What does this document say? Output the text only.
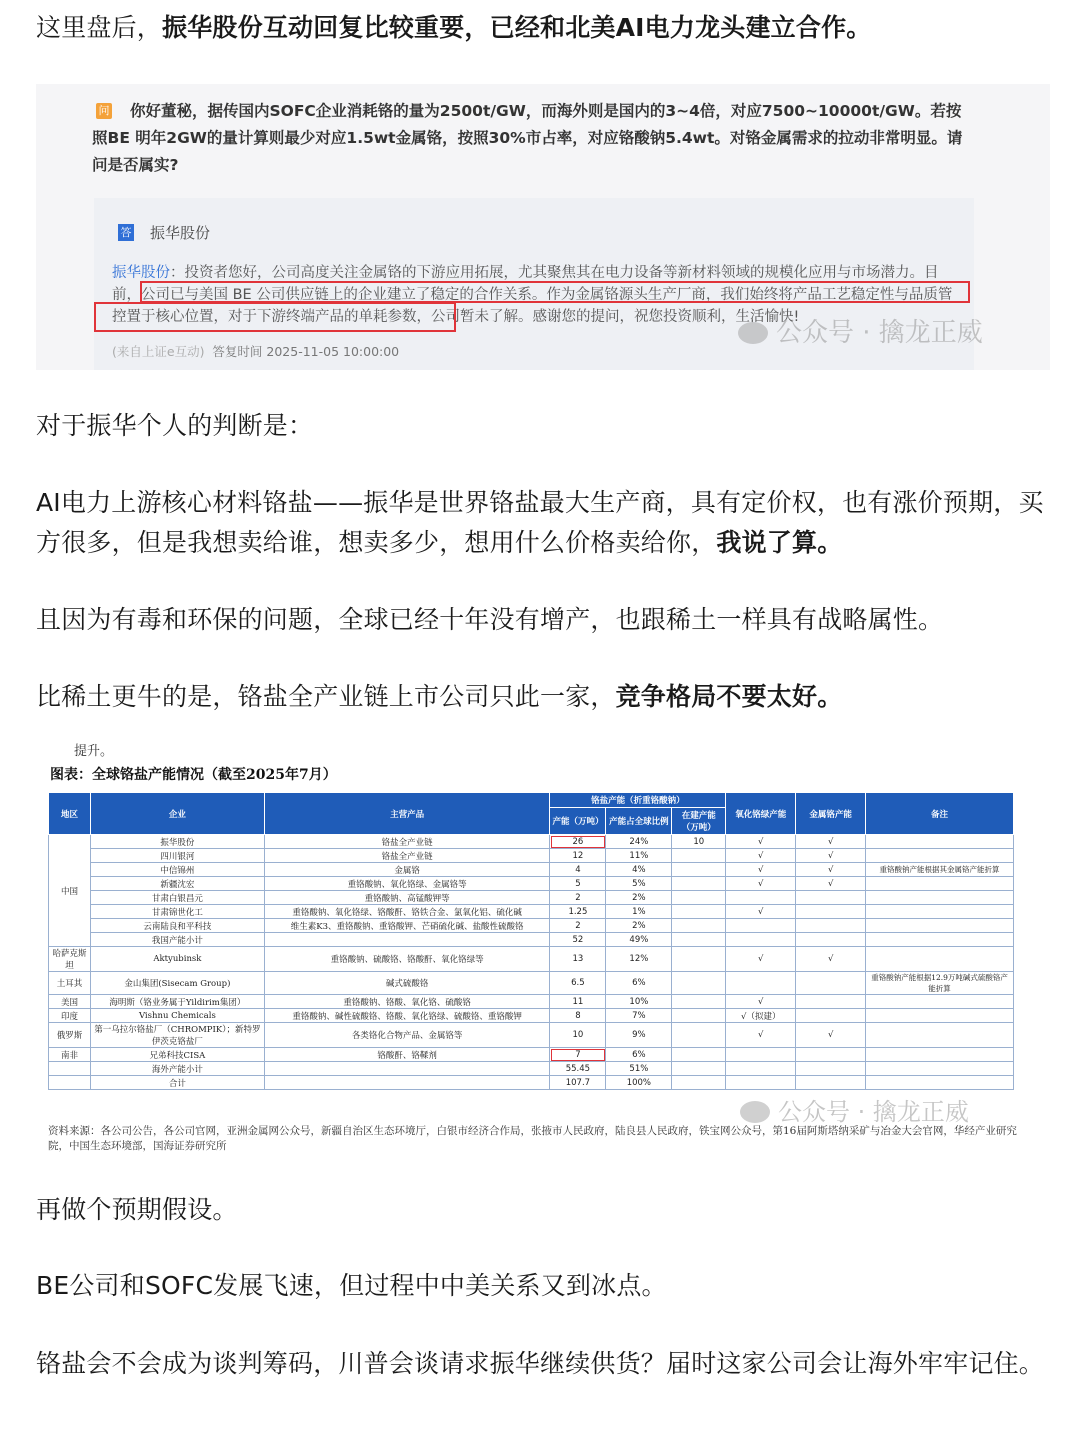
这里盘后，振华股份互动回复比较重要，已经和北美AI电力龙头建立合作。
问	你好董秘，据传国内SOFC企业消耗铬的量为2500t/GW，而海外则是国内的3~4倍，对应7500~10000t/GW。若按照BE 明年2GW的量计算则最少对应1.5wt金属铬，按照30%市占率，对应铬酸钠5.4wt。对铬金属需求的拉动非常明显。请问是否属实?
答 振华股份
振华股份：投资者您好，公司高度关注金属铬的下游应用拓展，尤其聚焦其在电力设备等新材料领域的规模化应用与市场潜力。目前，公司已与美国 BE 公司供应链上的企业建立了稳定的合作关系。作为金属铬源头生产厂商，我们始终将产品工艺稳定性与品质管控置于核心位置，对于下游终端产品的单耗参数，公司暂未了解。感谢您的提问，祝您投资顺利，生活愉快!
(来自上证e互动) 答复时间 2025-11-05 10:00:00
公众号 · 擒龙正威
对于振华个人的判断是：
AI电力上游核心材料铬盐——振华是世界铬盐最大生产商，具有定价权，也有涨价预期，买方很多，但是我想卖给谁，想卖多少，想用什么价格卖给你，我说了算。
且因为有毒和环保的问题，全球已经十年没有增产，也跟稀土一样具有战略属性。
比稀土更牛的是，铬盐全产业链上市公司只此一家，竞争格局不要太好。
提升。
图表：全球铬盐产能情况（截至2025年7月）
地区	企业	主营产品	铬盐产能（折重铬酸钠）			氧化铬绿产能	金属铬产能	备注
			产能（万吨）	产能占全球比例	在建产能（万吨）			
中国	振华股份	铬盐全产业链	26	24%	10	√	√	
	四川银河	铬盐全产业链	12	11%		√	√	
	中信锦州	金属铬	4	4%		√	√	重铬酸钠产能根据其金属铬产能折算
	新疆沈宏	重铬酸钠、氧化铬绿、金属铬等	5	5%		√	√	
	甘肃白银昌元	重铬酸钠、高锰酸钾等	2	2%				
	甘肃锦世化工	重铬酸钠、氧化铬绿、铬酸酐、铬铁合金、氯氧化铝、硫化碱	1.25	1%		√		
	云南陆良和平科技	维生素K3、重铬酸钠、重铬酸钾、芒硝硫化碱、盐酸性硫酸铬	2	2%				
	我国产能小计		52	49%				
哈萨克斯坦	Aktyubinsk	重铬酸钠、硫酸铬、铬酸酐、氧化铬绿等	13	12%		√	√	
土耳其	金山集团(Sisecam Group)	碱式硫酸铬	6.5	6%				重铬酸钠产能根据12.9万吨碱式硫酸铬产能折算
美国	海明斯（铬业务属于Yildirim集团）	重铬酸钠、铬酸、氧化铬、硫酸铬	11	10%		√		
印度	Vishnu Chemicals	重铬酸钠、碱性硫酸铬、铬酸、氧化铬绿、硫酸铬、重铬酸钾	8	7%		√（拟建）		
俄罗斯	第一乌拉尔铬盐厂（CHROMPIK）；新特罗伊茨克铬盐厂	各类铬化合物产品、金属铬等	10	9%		√	√	
南非	兄弟科技CISA	铬酸酐、铬鞣剂	7	6%				
	海外产能小计		55.45	51%				
	合计		107.7	100%				
资料来源：各公司公告，各公司官网，亚洲金属网公众号，新疆自治区生态环境厅，白银市经济合作局，张掖市人民政府，陆良县人民政府，铁宝网公众号，第16届阿斯塔纳采矿与冶金大会官网，华经产业研究院，中国生态环境部，国海证券研究所
公众号 · 擒龙正威
再做个预期假设。
BE公司和SOFC发展飞速，但过程中中美关系又到冰点。
铬盐会不会成为谈判筹码，川普会谈请求振华继续供货？届时这家公司会让海外牢牢记住。
